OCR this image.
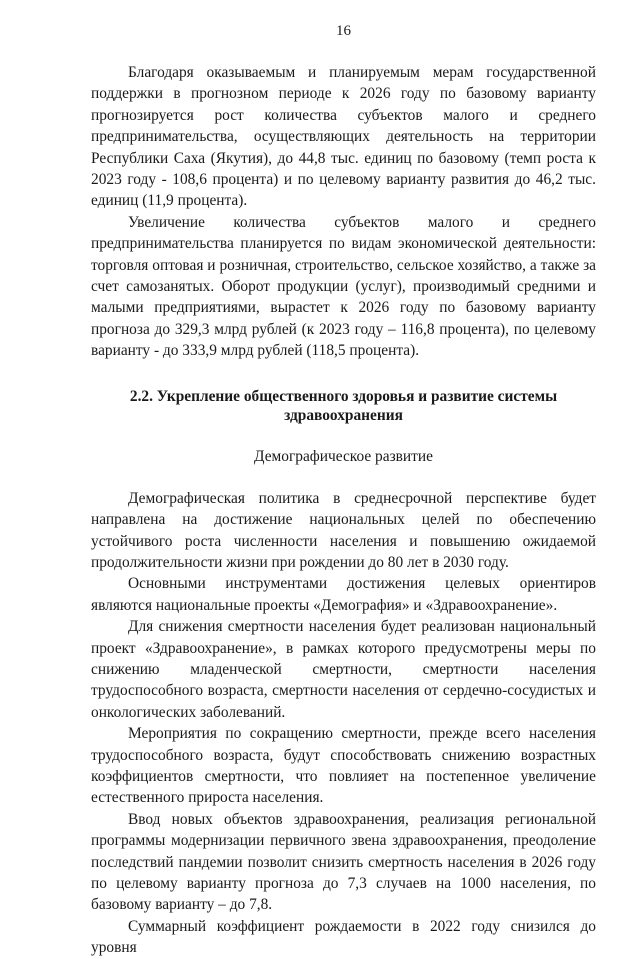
16

Благодаря оказываемым и планируемым мерам государственной поддержки в прогнозном периоде к 2026 году по базовому варианту прогнозируется рост количества субъектов малого и среднего предпринимательства, осуществляющих деятельность на территории Республики Саха (Якутия), до 44,8 тыс. единиц по базовому (темп роста к 2023 году - 108,6 процента) и по целевому варианту развития до 46,2 тыс. единиц (11,9 процента).

Увеличение количества субъектов малого и среднего предпринимательства планируется по видам экономической деятельности: торговля оптовая и розничная, строительство, сельское хозяйство, а также за счет самозанятых. Оборот продукции (услуг), производимый средними и малыми предприятиями, вырастет к 2026 году по базовому варианту прогноза до 329,3 млрд рублей (к 2023 году – 116,8 процента), по целевому варианту - до 333,9 млрд рублей (118,5 процента).

2.2. Укрепление общественного здоровья и развитие системы
здравоохранения
Демографическое развитие

Демографическая политика в среднесрочной перспективе будет направлена на достижение национальных целей по обеспечению устойчивого роста численности населения и повышению ожидаемой продолжительности жизни при рождении до 80 лет в 2030 году.

Основными инструментами достижения целевых ориентиров являются национальные проекты «Демография» и «Здравоохранение».

Для снижения смертности населения будет реализован национальный проект «Здравоохранение», в рамках которого предусмотрены меры по снижению младенческой смертности, смертности населения трудоспособного возраста, смертности населения от сердечно-сосудистых и онкологических заболеваний.

Мероприятия по сокращению смертности, прежде всего населения трудоспособного возраста, будут способствовать снижению возрастных коэффициентов смертности, что повлияет на постепенное увеличение естественного прироста населения.

Ввод новых объектов здравоохранения, реализация региональной программы модернизации первичного звена здравоохранения, преодоление последствий пандемии позволит снизить смертность населения в 2026 году по целевому варианту прогноза до 7,3 случаев на 1000 населения, по базовому варианту – до 7,8.

Суммарный коэффициент рождаемости в 2022 году снизился до уровня
